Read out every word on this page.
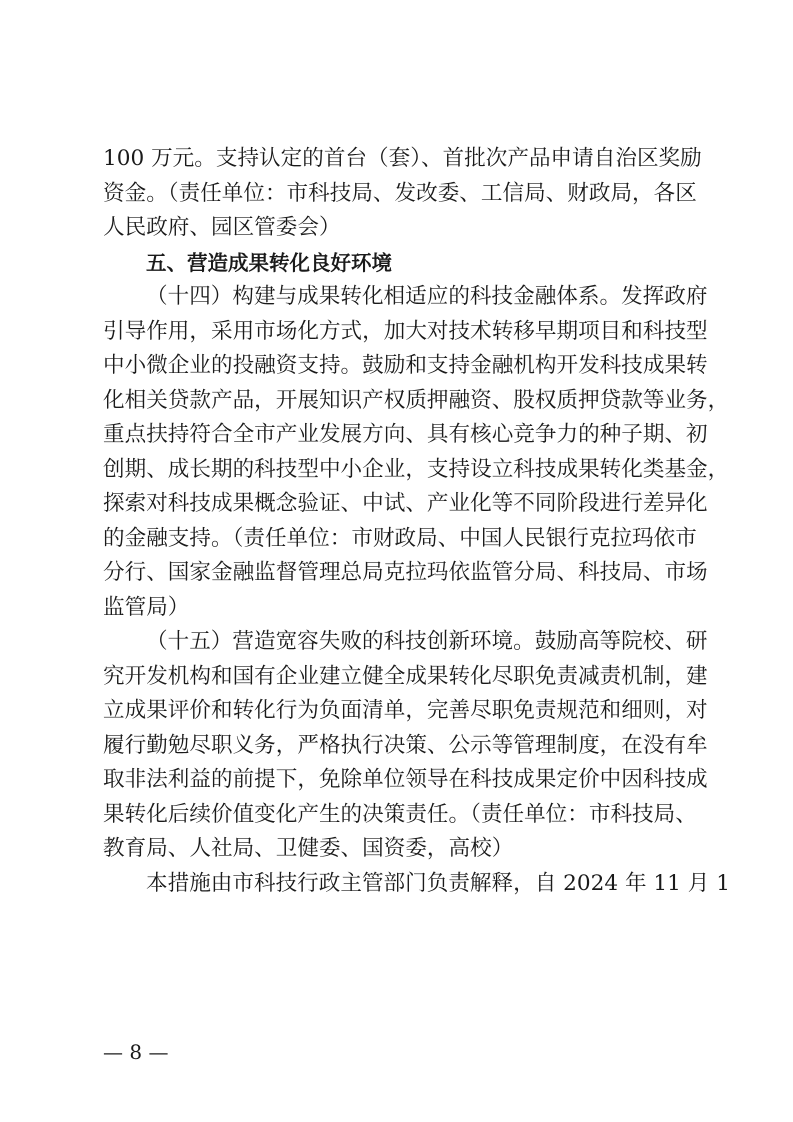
100 万元。支持认定的首台（套）、首批次产品申请自治区奖励
资金。（责任单位：市科技局、发改委、工信局、财政局，各区
人民政府、园区管委会）
五、营造成果转化良好环境
（十四）构建与成果转化相适应的科技金融体系。发挥政府
引导作用，采用市场化方式，加大对技术转移早期项目和科技型
中小微企业的投融资支持。鼓励和支持金融机构开发科技成果转
化相关贷款产品，开展知识产权质押融资、股权质押贷款等业务，
重点扶持符合全市产业发展方向、具有核心竞争力的种子期、初
创期、成长期的科技型中小企业，支持设立科技成果转化类基金，
探索对科技成果概念验证、中试、产业化等不同阶段进行差异化
的金融支持。（责任单位：市财政局、中国人民银行克拉玛依市
分行、国家金融监督管理总局克拉玛依监管分局、科技局、市场
监管局）
（十五）营造宽容失败的科技创新环境。鼓励高等院校、研
究开发机构和国有企业建立健全成果转化尽职免责减责机制，建
立成果评价和转化行为负面清单，完善尽职免责规范和细则，对
履行勤勉尽职义务，严格执行决策、公示等管理制度，在没有牟
取非法利益的前提下，免除单位领导在科技成果定价中因科技成
果转化后续价值变化产生的决策责任。（责任单位：市科技局、
教育局、人社局、卫健委、国资委，高校）
本措施由市科技行政主管部门负责解释，自 2024 年 11 月 1
— 8 —
